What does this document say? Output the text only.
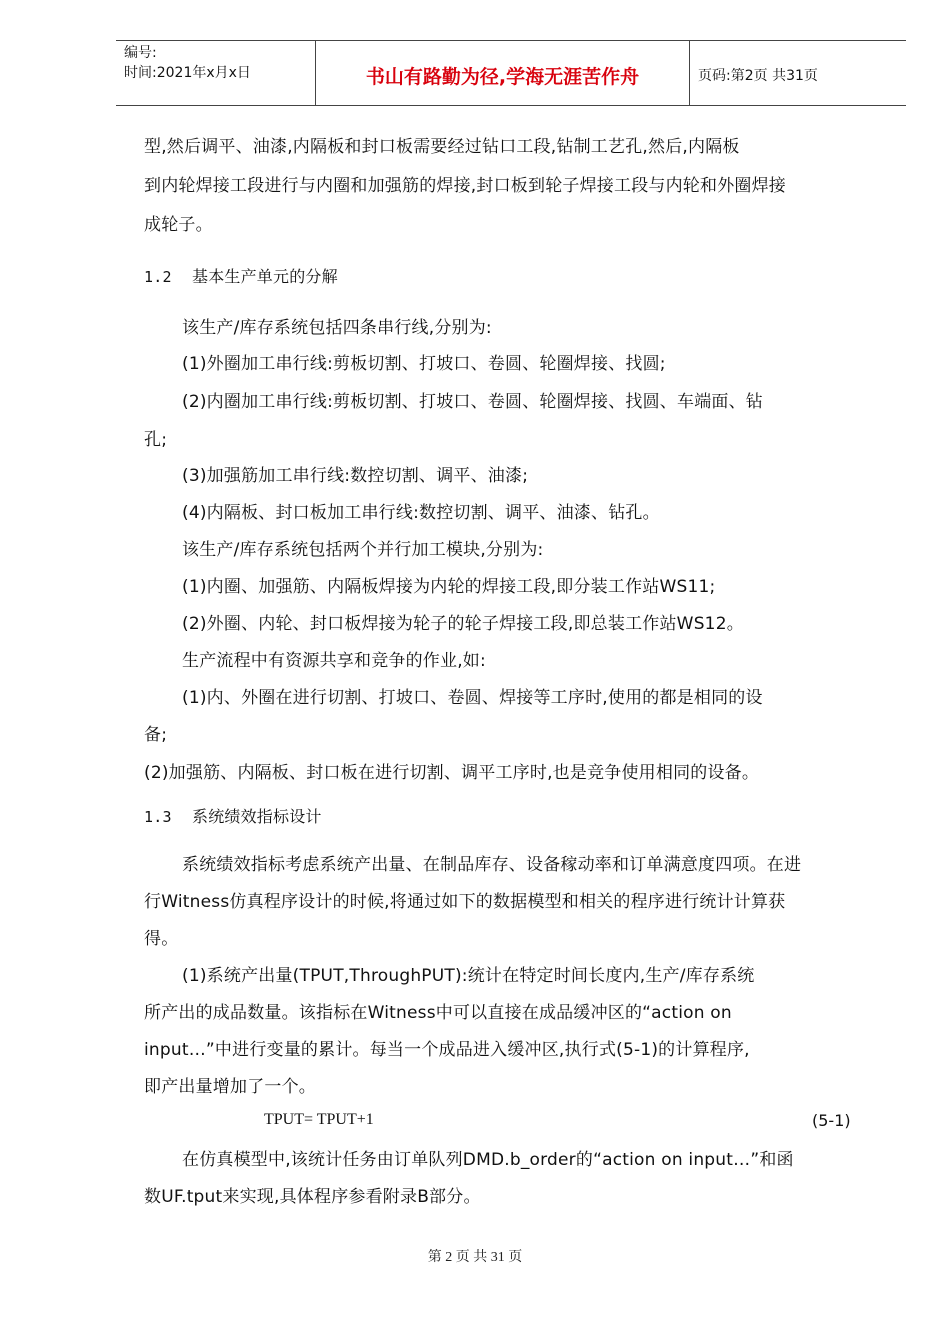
编号:
时间:2021年x月x日	书山有路勤为径,学海无涯苦作舟	页码:第2页 共31页
型,然后调平、油漆,内隔板和封口板需要经过钻口工段,钻制工艺孔,然后,内隔板
到内轮焊接工段进行与内圈和加强筋的焊接,封口板到轮子焊接工段与内轮和外圈焊接
成轮子。
1.2 基本生产单元的分解
该生产/库存系统包括四条串行线,分别为:
(1)外圈加工串行线:剪板切割、打坡口、卷圆、轮圈焊接、找圆;
(2)内圈加工串行线:剪板切割、打坡口、卷圆、轮圈焊接、找圆、车端面、钻
孔;
(3)加强筋加工串行线:数控切割、调平、油漆;
(4)内隔板、封口板加工串行线:数控切割、调平、油漆、钻孔。
该生产/库存系统包括两个并行加工模块,分别为:
(1)内圈、加强筋、内隔板焊接为内轮的焊接工段,即分装工作站WS11;
(2)外圈、内轮、封口板焊接为轮子的轮子焊接工段,即总装工作站WS12。
生产流程中有资源共享和竞争的作业,如:
(1)内、外圈在进行切割、打坡口、卷圆、焊接等工序时,使用的都是相同的设
备;
(2)加强筋、内隔板、封口板在进行切割、调平工序时,也是竞争使用相同的设备。
1.3 系统绩效指标设计
系统绩效指标考虑系统产出量、在制品库存、设备稼动率和订单满意度四项。在进
行Witness仿真程序设计的时候,将通过如下的数据模型和相关的程序进行统计计算获
得。
(1)系统产出量(TPUT,ThroughPUT):统计在特定时间长度内,生产/库存系统
所产出的成品数量。该指标在Witness中可以直接在成品缓冲区的“action on
input…”中进行变量的累计。每当一个成品进入缓冲区,执行式(5-1)的计算程序,
即产出量增加了一个。
TPUT= TPUT+1	(5-1)
在仿真模型中,该统计任务由订单队列DMD.b_order的“action on input…”和函
数UF.tput来实现,具体程序参看附录B部分。
第 2 页 共 31 页
